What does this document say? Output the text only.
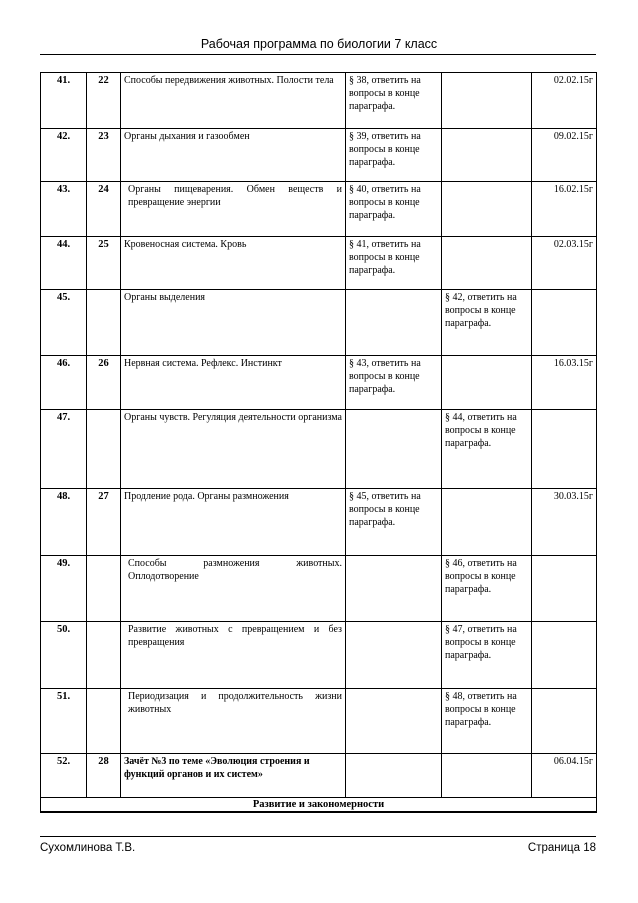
Рабочая программа по биологии 7 класс
41.	22	Способы передвижения животных. Полости тела	§ 38, ответить на вопросы в конце параграфа.		02.02.15г
42.	23	Органы дыхания и газообмен	§ 39, ответить на вопросы в конце параграфа.		09.02.15г
43.	24	Органы пищеварения. Обмен веществ и превращение энергии	§ 40, ответить на вопросы в конце параграфа.		16.02.15г
44.	25	Кровеносная система. Кровь	§ 41, ответить на вопросы в конце параграфа.		02.03.15г
45.		Органы выделения		§ 42, ответить на вопросы в конце параграфа.	
46.	26	Нервная система. Рефлекс. Инстинкт	§ 43, ответить на вопросы в конце параграфа.		16.03.15г
47.		Органы чувств. Регуляция деятельности организма		§ 44, ответить на вопросы в конце параграфа.	
48.	27	Продление рода. Органы размножения	§ 45, ответить на вопросы в конце параграфа.		30.03.15г
49.		Способы размножения животных. Оплодотворение		§ 46, ответить на вопросы в конце параграфа.	
50.		Развитие животных с превращением и без превращения		§ 47, ответить на вопросы в конце параграфа.	
51.		Периодизация и продолжительность жизни животных		§ 48, ответить на вопросы в конце параграфа.	
52.	28	Зачёт №3 по теме «Эволюция строения и функций органов и их систем»			06.04.15г
Развитие и закономерности					
Сухомлинова Т.В.	Страница 18
